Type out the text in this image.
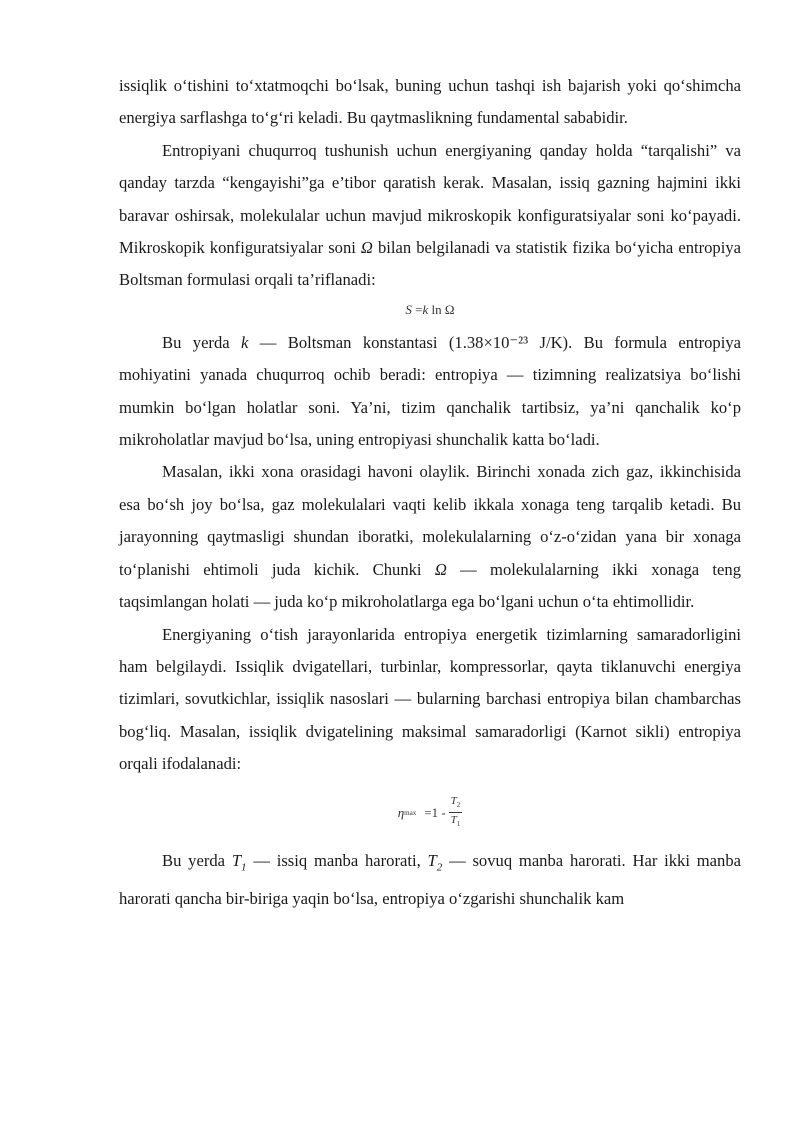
issiqlik o‘tishini to‘xtatmoqchi bo‘lsak, buning uchun tashqi ish bajarish yoki qo‘shimcha energiya sarflashga to‘g‘ri keladi. Bu qaytmaslikning fundamental sababidir.

Entropiyani chuqurroq tushunish uchun energiyaning qanday holda “tarqalishi” va qanday tarzda “kengayishi”ga e’tibor qaratish kerak. Masalan, issiq gazning hajmini ikki baravar oshirsak, molekulalar uchun mavjud mikroskopik konfiguratsiyalar soni ko‘payadi. Mikroskopik konfiguratsiyalar soni Ω bilan belgilanadi va statistik fizika bo‘yicha entropiya Boltsman formulasi orqali ta’riflanadi:

S =k ln Ω

Bu yerda k — Boltsman konstantasi (1.38×10⁻²³ J/K). Bu formula entropiya mohiyatini yanada chuqurroq ochib beradi: entropiya — tizimning realizatsiya bo‘lishi mumkin bo‘lgan holatlar soni. Ya’ni, tizim qanchalik tartibsiz, ya’ni qanchalik ko‘p mikroholatlar mavjud bo‘lsa, uning entropiyasi shunchalik katta bo‘ladi.

Masalan, ikki xona orasidagi havoni olaylik. Birinchi xonada zich gaz, ikkinchisida esa bo‘sh joy bo‘lsa, gaz molekulalari vaqti kelib ikkala xonaga teng tarqalib ketadi. Bu jarayonning qaytmasligi shundan iboratki, molekulalarning o‘z-o‘zidan yana bir xonaga to‘planishi ehtimoli juda kichik. Chunki Ω — molekulalarning ikki xonaga teng taqsimlangan holati — juda ko‘p mikroholatlarga ega bo‘lgani uchun o‘ta ehtimollidir.

Energiyaning o‘tish jarayonlarida entropiya energetik tizimlarning samaradorligini ham belgilaydi. Issiqlik dvigatellari, turbinlar, kompressorlar, qayta tiklanuvchi energiya tizimlari, sovutkichlar, issiqlik nasoslari — bularning barchasi entropiya bilan chambarchas bog‘liq. Masalan, issiqlik dvigatelining maksimal samaradorligi (Karnot sikli) entropiya orqali ifodalanadi:

η $\max =1 - \frac{T_2}{T_1}$

Bu yerda $T_1$ — issiq manba harorati, $T_2$ — sovuq manba harorati. Har ikki manba harorati qancha bir-biriga yaqin bo‘lsa, entropiya o‘zgarishi shunchalik kam
